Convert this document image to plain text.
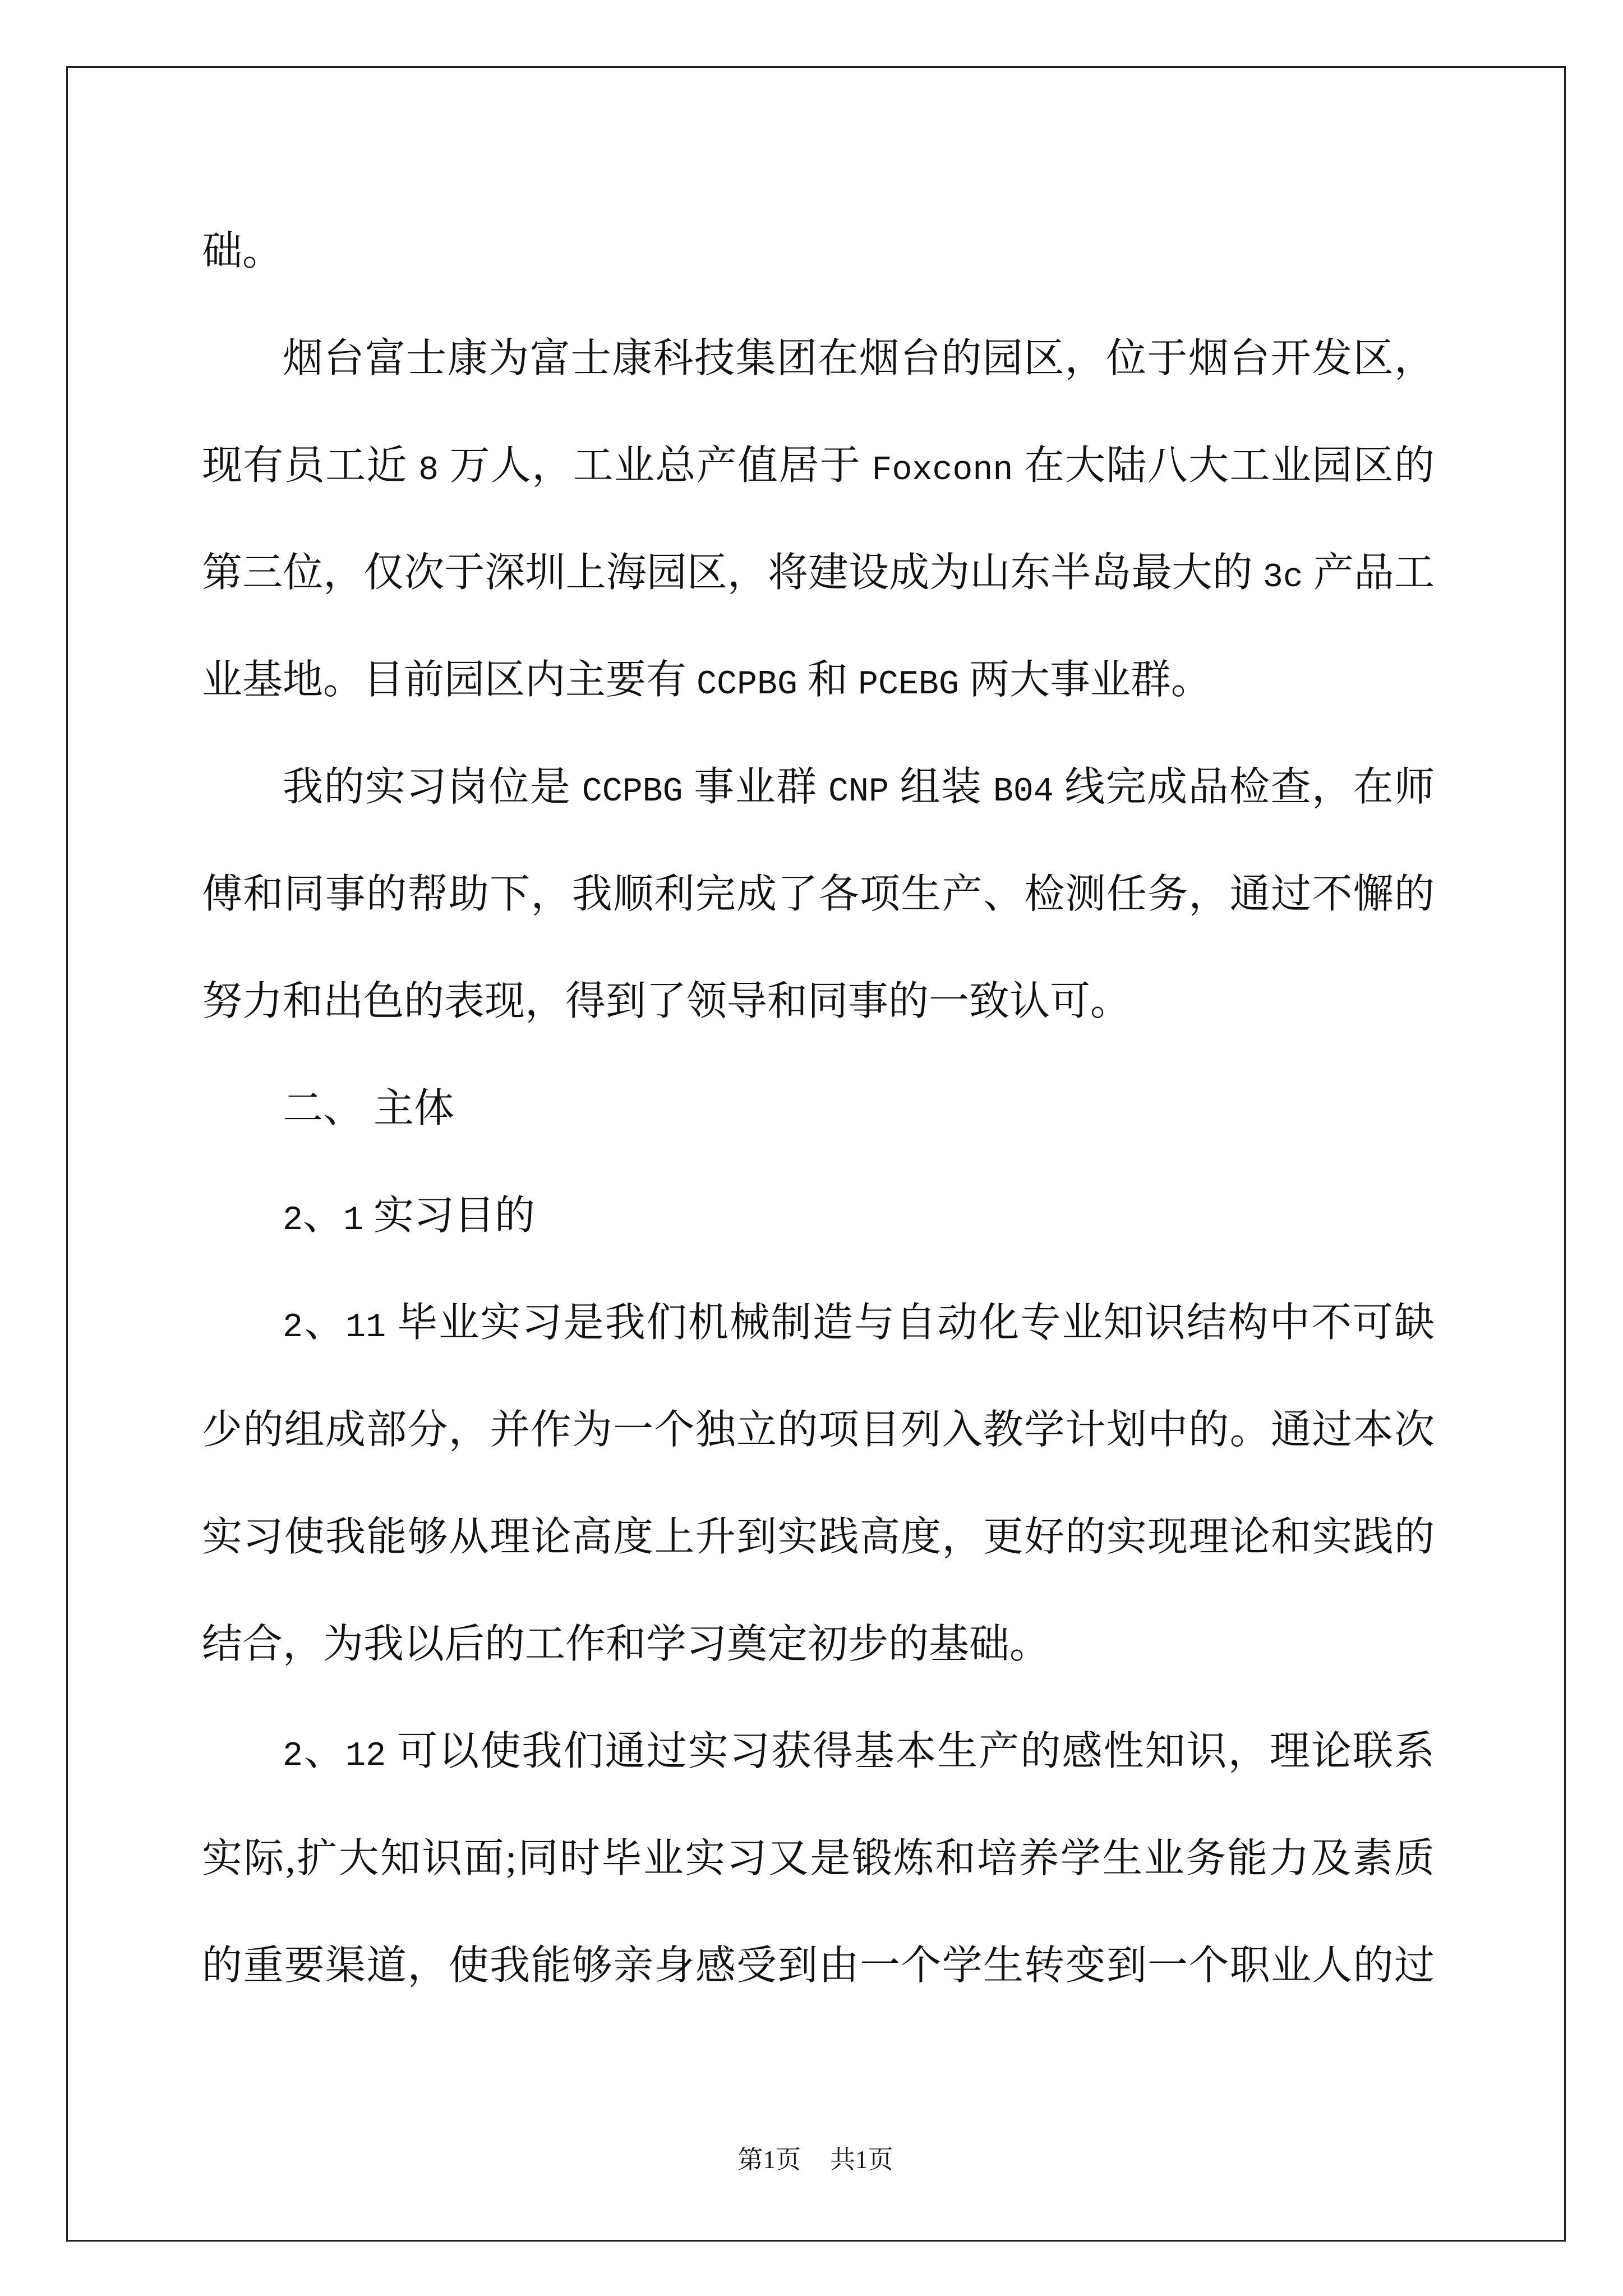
础。
烟台富士康为富士康科技集团在烟台的园区，位于烟台开发区，
现有员工近 8 万人，工业总产值居于 Foxconn 在大陆八大工业园区的
第三位，仅次于深圳上海园区，将建设成为山东半岛最大的 3c 产品工
业基地。目前园区内主要有 CCPBG 和 PCEBG 两大事业群。
我的实习岗位是 CCPBG 事业群 CNP 组装 B04 线完成品检查，在师
傅和同事的帮助下，我顺利完成了各项生产、检测任务，通过不懈的
努力和出色的表现，得到了领导和同事的一致认可。
二、 主体
2、1 实习目的
2、11 毕业实习是我们机械制造与自动化专业知识结构中不可缺
少的组成部分，并作为一个独立的项目列入教学计划中的。通过本次
实习使我能够从理论高度上升到实践高度，更好的实现理论和实践的
结合，为我以后的工作和学习奠定初步的基础。
2、12 可以使我们通过实习获得基本生产的感性知识，理论联系
实际,扩大知识面;同时毕业实习又是锻炼和培养学生业务能力及素质
的重要渠道，使我能够亲身感受到由一个学生转变到一个职业人的过
第1页 共1页
